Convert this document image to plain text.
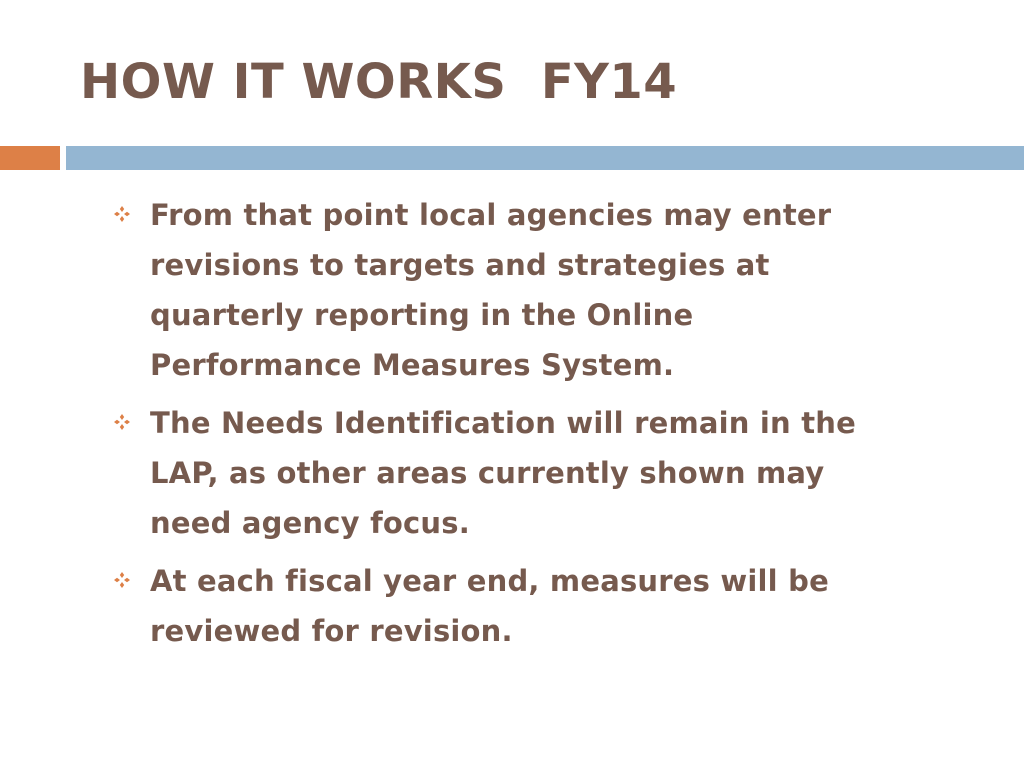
HOW IT WORKS  FY14
From that point local agencies may enter revisions to targets and strategies at quarterly reporting in the Online Performance Measures System.
The Needs Identification will remain in the LAP, as other areas currently shown may need agency focus.
At each fiscal year end, measures will be reviewed for revision.
